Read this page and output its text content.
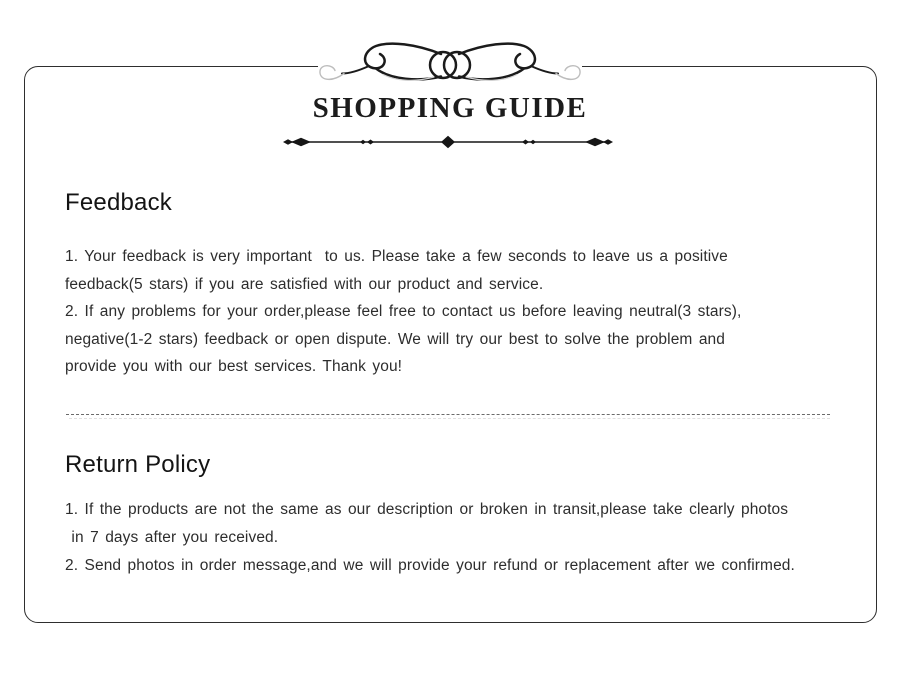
SHOPPING GUIDE
Feedback
1. Your feedback is very important  to us. Please take a few seconds to leave us a positive
feedback(5 stars) if you are satisfied with our product and service.
2. If any problems for your order,please feel free to contact us before leaving neutral(3 stars),
negative(1-2 stars) feedback or open dispute. We will try our best to solve the problem and
provide you with our best services. Thank you!
Return Policy
1. If the products are not the same as our description or broken in transit,please take clearly photos
in 7 days after you received.
2. Send photos in order message,and we will provide your refund or replacement after we confirmed.
